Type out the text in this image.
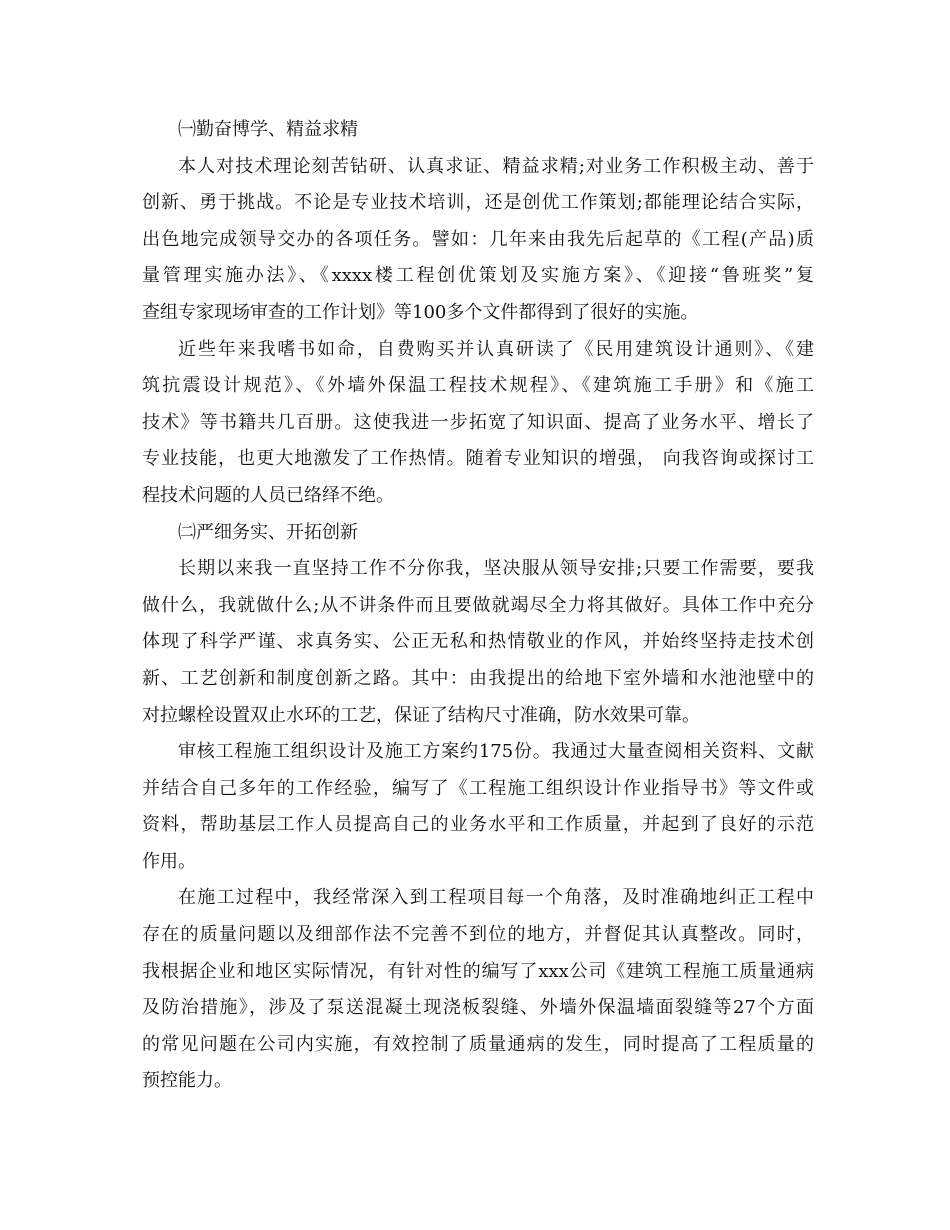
㈠勤奋博学、精益求精

本人对技术理论刻苦钻研、认真求证、精益求精;对业务工作积极主动、善于

创新、勇于挑战。不论是专业技术培训，还是创优工作策划;都能理论结合实际，

出色地完成领导交办的各项任务。譬如：几年来由我先后起草的《工程(产品)质

量管理实施办法》、《xxxx楼工程创优策划及实施方案》、《迎接“鲁班奖”复

查组专家现场审查的工作计划》等100多个文件都得到了很好的实施。

近些年来我嗜书如命，自费购买并认真研读了《民用建筑设计通则》、《建

筑抗震设计规范》、《外墙外保温工程技术规程》、《建筑施工手册》和《施工

技术》等书籍共几百册。这使我进一步拓宽了知识面、提高了业务水平、增长了

专业技能，也更大地激发了工作热情。随着专业知识的增强， 向我咨询或探讨工

程技术问题的人员已络绎不绝。

㈡严细务实、开拓创新

长期以来我一直坚持工作不分你我，坚决服从领导安排;只要工作需要，要我

做什么，我就做什么;从不讲条件而且要做就竭尽全力将其做好。具体工作中充分

体现了科学严谨、求真务实、公正无私和热情敬业的作风，并始终坚持走技术创

新、工艺创新和制度创新之路。其中：由我提出的给地下室外墙和水池池壁中的

对拉螺栓设置双止水环的工艺，保证了结构尺寸准确，防水效果可靠。

审核工程施工组织设计及施工方案约175份。我通过大量查阅相关资料、文献

并结合自己多年的工作经验，编写了《工程施工组织设计作业指导书》等文件或

资料，帮助基层工作人员提高自己的业务水平和工作质量，并起到了良好的示范

作用。

在施工过程中，我经常深入到工程项目每一个角落，及时准确地纠正工程中

存在的质量问题以及细部作法不完善不到位的地方，并督促其认真整改。同时，

我根据企业和地区实际情况，有针对性的编写了xxx公司《建筑工程施工质量通病

及防治措施》，涉及了泵送混凝土现浇板裂缝、外墙外保温墙面裂缝等27个方面

的常见问题在公司内实施，有效控制了质量通病的发生，同时提高了工程质量的

预控能力。
